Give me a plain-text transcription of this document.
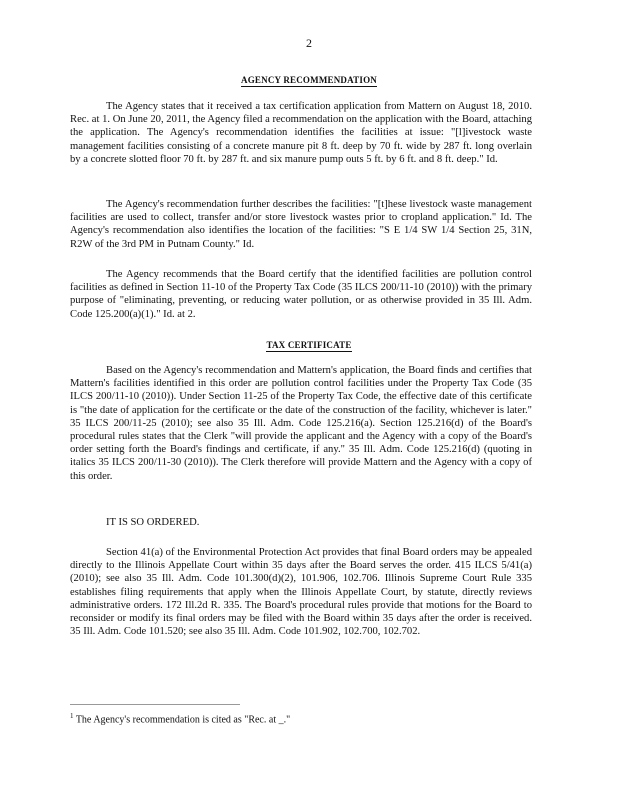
2
AGENCY RECOMMENDATION

The Agency states that it received a tax certification application from Mattern on August 18, 2010. Rec. at 1. On June 20, 2011, the Agency filed a recommendation on the application with the Board, attaching the application. The Agency's recommendation identifies the facilities at issue: "[l]ivestock waste management facilities consisting of a concrete manure pit 8 ft. deep by 70 ft. wide by 287 ft. long overlain by a concrete slotted floor 70 ft. by 287 ft. and six manure pump outs 5 ft. by 6 ft. and 8 ft. deep." Id.

The Agency's recommendation further describes the facilities: "[t]hese livestock waste management facilities are used to collect, transfer and/or store livestock wastes prior to cropland application." Id. The Agency's recommendation also identifies the location of the facilities: "S E 1/4 SW 1/4 Section 25, 31N, R2W of the 3rd PM in Putnam County." Id.

The Agency recommends that the Board certify that the identified facilities are pollution control facilities as defined in Section 11-10 of the Property Tax Code (35 ILCS 200/11-10 (2010)) with the primary purpose of "eliminating, preventing, or reducing water pollution, or as otherwise provided in 35 Ill. Adm. Code 125.200(a)(1)." Id. at 2.

TAX CERTIFICATE

Based on the Agency's recommendation and Mattern's application, the Board finds and certifies that Mattern's facilities identified in this order are pollution control facilities under the Property Tax Code (35 ILCS 200/11-10 (2010)). Under Section 11-25 of the Property Tax Code, the effective date of this certificate is "the date of application for the certificate or the date of the construction of the facility, whichever is later." 35 ILCS 200/11-25 (2010); see also 35 Ill. Adm. Code 125.216(a). Section 125.216(d) of the Board's procedural rules states that the Clerk "will provide the applicant and the Agency with a copy of the Board's order setting forth the Board's findings and certificate, if any." 35 Ill. Adm. Code 125.216(d) (quoting in italics 35 ILCS 200/11-30 (2010)). The Clerk therefore will provide Mattern and the Agency with a copy of this order.

IT IS SO ORDERED.

Section 41(a) of the Environmental Protection Act provides that final Board orders may be appealed directly to the Illinois Appellate Court within 35 days after the Board serves the order. 415 ILCS 5/41(a) (2010); see also 35 Ill. Adm. Code 101.300(d)(2), 101.906, 102.706. Illinois Supreme Court Rule 335 establishes filing requirements that apply when the Illinois Appellate Court, by statute, directly reviews administrative orders. 172 Ill.2d R. 335. The Board's procedural rules provide that motions for the Board to reconsider or modify its final orders may be filed with the Board within 35 days after the order is received. 35 Ill. Adm. Code 101.520; see also 35 Ill. Adm. Code 101.902, 102.700, 102.702.

$^1$ The Agency's recommendation is cited as "Rec. at _."
